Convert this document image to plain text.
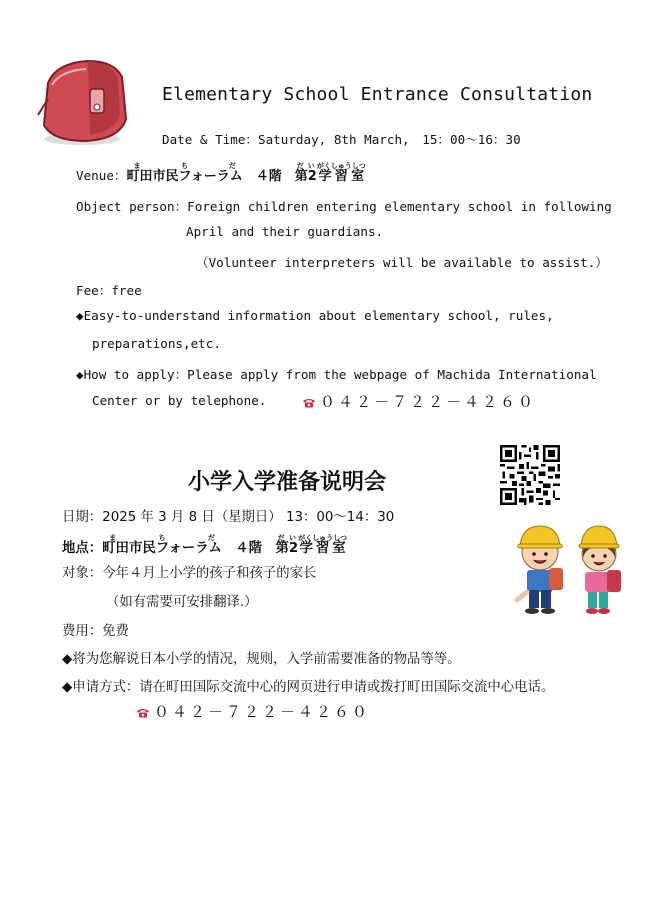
Elementary School Entrance Consultation
Date & Time：Saturday, 8th March,　15：00～16：30
Venue：町田市民フォーラムまちだ　４階　第2だい学習室がくしゅうしつ
Object person：Foreign children entering elementary school in following
April and their guardians.
（Volunteer interpreters will be available to assist.）
Fee：free
◆Easy-to-understand information about elementary school, rules,
preparations,etc.
◆How to apply：Please apply from the webpage of Machida International
Center or by telephone.	０４２－７２２－４２６０
小学入学准备说明会
日期：2025 年 3 月 8 日（星期日） 13：00～14：30
地点：町田市民フォーラムまちだ　４階　第2だい学習室がくしゅうしつ
对象：今年４月上小学的孩子和孩子的家长
（如有需要可安排翻译.）
费用：免费
◆将为您解说日本小学的情况，规则，入学前需要准备的物品等等。
◆申请方式：请在町田国际交流中心的网页进行申请或拨打町田国际交流中心电话。
０４２－７２２－４２６０
